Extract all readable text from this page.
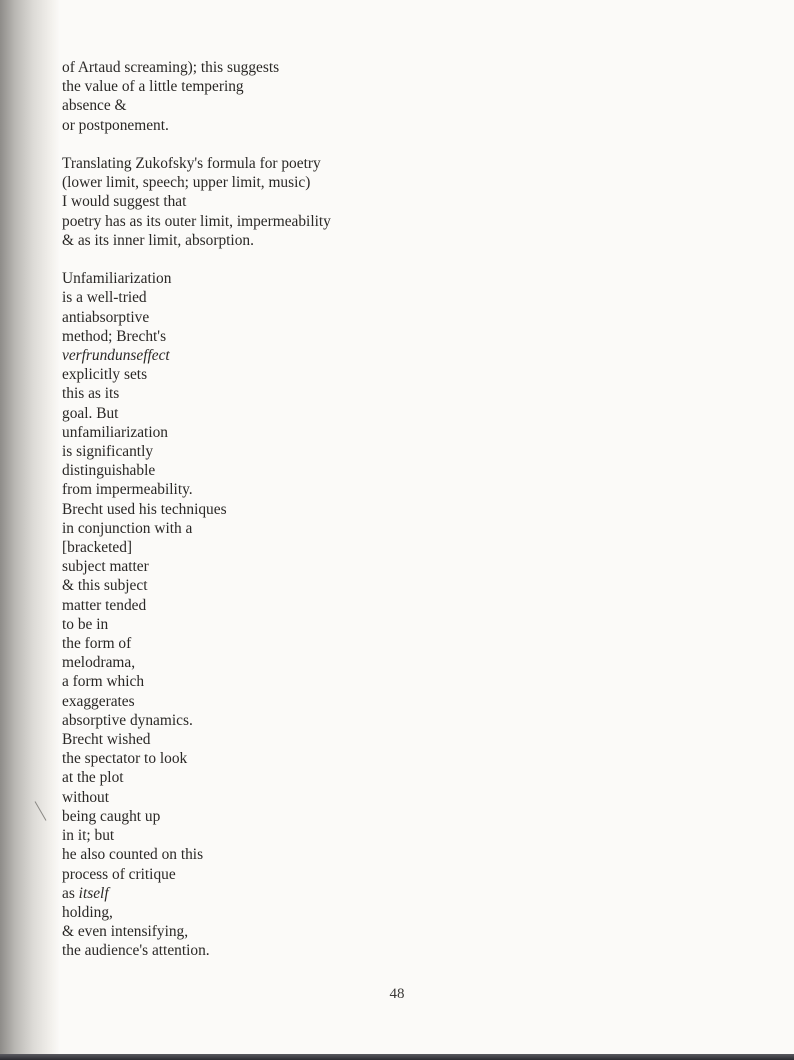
of Artaud screaming); this suggests
the value of a little tempering
absence &
or postponement.

Translating Zukofsky's formula for poetry
(lower limit, speech; upper limit, music)
I would suggest that
poetry has as its outer limit, impermeability
& as its inner limit, absorption.

Unfamiliarization
is a well-tried
antiabsorptive
method; Brecht's
verfrundunseffect
explicitly sets
this as its
goal. But
unfamiliarization
is significantly
distinguishable
from impermeability.
Brecht used his techniques
in conjunction with a
[bracketed]
subject matter
& this subject
matter tended
to be in
the form of
melodrama,
a form which
exaggerates
absorptive dynamics.
Brecht wished
the spectator to look
at the plot
without
being caught up
in it; but
he also counted on this
process of critique
as itself
holding,
& even intensifying,
the audience's attention.

48
